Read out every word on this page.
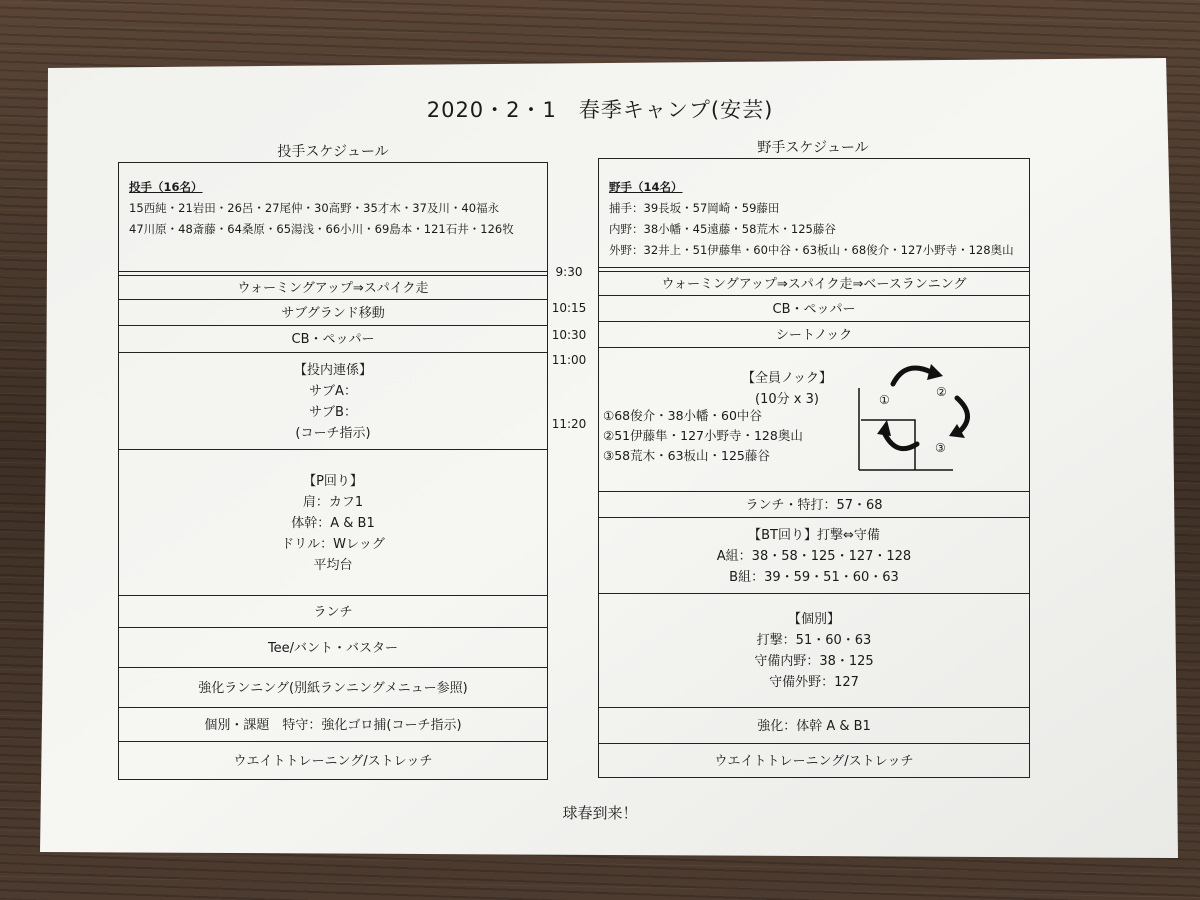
2020・2・1　春季キャンプ(安芸)
投手スケジュール	野手スケジュール
9:30
10:15
10:30
11:00
11:20
投手（16名）
15西純・21岩田・26呂・27尾仲・30高野・35才木・37及川・40福永
47川原・48斎藤・64桑原・65湯浅・66小川・69島本・121石井・126牧
ウォーミングアップ⇒スパイク走
サブグランド移動
CB・ペッパー
【投内連係】
サブA：
サブB：
(コーチ指示)
【P回り】
肩：カフ1
体幹：A & B1
ドリル：Wレッグ
平均台
ランチ
Tee/バント・バスター
強化ランニング(別紙ランニングメニュー参照)
個別・課題　特守：強化ゴロ捕(コーチ指示)
ウエイトトレーニング/ストレッチ
野手（14名）
捕手：39長坂・57岡崎・59藤田
内野：38小幡・45遠藤・58荒木・125藤谷
外野：32井上・51伊藤隼・60中谷・63板山・68俊介・127小野寺・128奥山
ウォーミングアップ⇒スパイク走⇒ベースランニング
CB・ペッパー
シートノック
【全員ノック】
(10分 x 3)
①68俊介・38小幡・60中谷
②51伊藤隼・127小野寺・128奥山
③58荒木・63板山・125藤谷
①
②
③
ランチ・特打：57・68
【BT回り】打撃⇔守備
A組：38・58・125・127・128
B組：39・59・51・60・63
【個別】
打撃：51・60・63
守備内野：38・125
守備外野：127
強化：体幹 A & B1
ウエイトトレーニング/ストレッチ
球春到来！
